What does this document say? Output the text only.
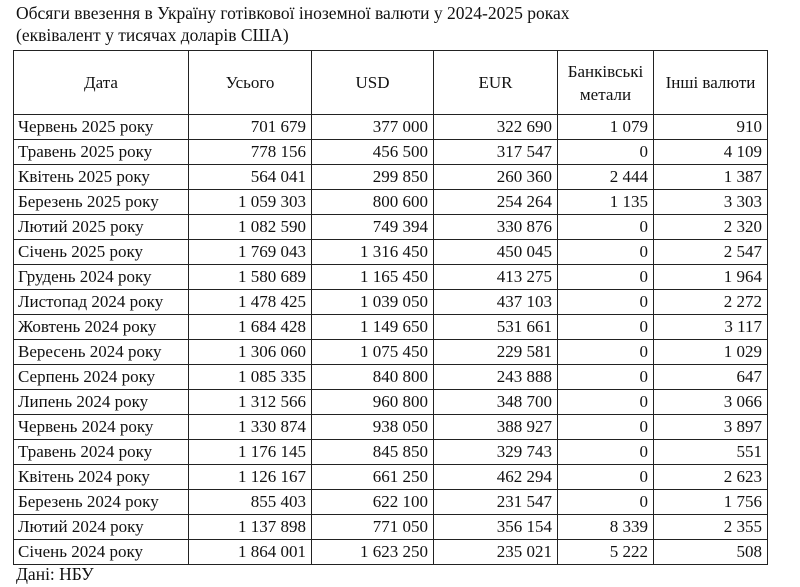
Обсяги ввезення в Україну готівкової іноземної валюти у 2024-2025 роках
(еквівалент у тисячах доларів США)
Дата	Усього	USD	EUR	Банківські метали	Інші валюти
Червень 2025 року	701 679	377 000	322 690	1 079	910
Травень 2025 року	778 156	456 500	317 547	0	4 109
Квітень 2025 року	564 041	299 850	260 360	2 444	1 387
Березень 2025 року	1 059 303	800 600	254 264	1 135	3 303
Лютий 2025 року	1 082 590	749 394	330 876	0	2 320
Січень 2025 року	1 769 043	1 316 450	450 045	0	2 547
Грудень 2024 року	1 580 689	1 165 450	413 275	0	1 964
Листопад 2024 року	1 478 425	1 039 050	437 103	0	2 272
Жовтень 2024 року	1 684 428	1 149 650	531 661	0	3 117
Вересень 2024 року	1 306 060	1 075 450	229 581	0	1 029
Серпень 2024 року	1 085 335	840 800	243 888	0	647
Липень 2024 року	1 312 566	960 800	348 700	0	3 066
Червень 2024 року	1 330 874	938 050	388 927	0	3 897
Травень 2024 року	1 176 145	845 850	329 743	0	551
Квітень 2024 року	1 126 167	661 250	462 294	0	2 623
Березень 2024 року	855 403	622 100	231 547	0	1 756
Лютий 2024 року	1 137 898	771 050	356 154	8 339	2 355
Січень 2024 року	1 864 001	1 623 250	235 021	5 222	508
Дані: НБУ
